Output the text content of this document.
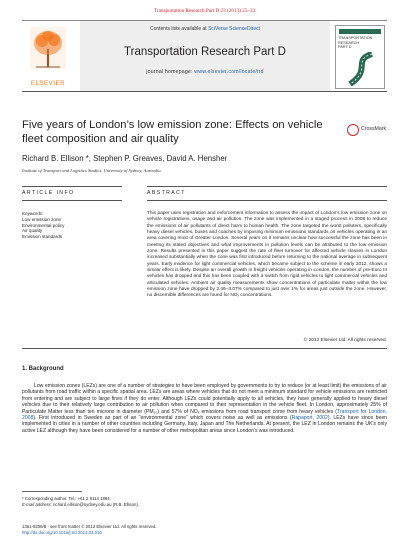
Transportation Research Part D 23 (2013) 25–33
ELSEVIER
Contents lists available at SciVerse ScienceDirect
Transportation Research Part D
journal homepage: www.elsevier.com/locate/trd
TRANSPORTATION
RESEARCH
PART D
Five years of London’s low emission zone: Effects on vehicle fleet composition and air quality
CrossMark
Richard B. Ellison *, Stephen P. Greaves, David A. Hensher
Institute of Transport and Logistics Studies, University of Sydney, Australia
ARTICLE INFO	ABSTRACT
Keywords:
Low emission zone
Environmental policy
Air quality
Emission standards
This paper uses registration and enforcement information to assess the impact of London’s low emission zone on vehicle registrations, usage and air pollution. The zone was implemented in a staged process in 2008 to reduce the emissions of air pollutants of direct harm to human health. The zone targeted the worst polluters, specifically heavy diesel vehicles, buses and coaches by imposing minimum emissions standards on vehicles operating in an area covering most of Greater London. Several years on it remains unclear how successful the zone has been in meeting its stated objectives and what improvements in pollution levels can be attributed to the low emission zone. Results presented in this paper suggest the rate of fleet turnover for affected vehicle classes in London increased substantially when the zone was first introduced before returning to the national average in subsequent years. Early evidence for light commercial vehicles, which became subject to the scheme in early 2012, shows a similar effect is likely. Despite an overall growth in freight vehicles operating in London, the number of pre-Euro III vehicles has dropped and this has been coupled with a switch from rigid vehicles to light commercial vehicles and articulated vehicles. Ambient air quality measurements show concentrations of particulate matter within the low emission zone have dropped by 2.46–3.07% compared to just over 1% for areas just outside the zone. However, no discernible differences are found for NOₓ concentrations.
© 2013 Elsevier Ltd. All rights reserved.
1. Background

Low emission zones (LEZs) are one of a number of strategies to have been employed by governments to try to reduce (or at least limit) the emissions of air pollutants from road traffic within a specific spatial area. LEZs are areas where vehicles that do not meet a minimum standard for vehicle emissions are restricted from entering and are subject to large fines if they do enter. Although LEZs could potentially apply to all vehicles, they have generally applied to heavy diesel vehicles due to their relatively large contribution to air pollution when compared to their representation in the vehicle fleet. In London, approximately 25% of Particulate Matter less than ten microns in diameter (PM₁₀) and 57% of NOₓ emissions from road transport come from heavy vehicles (Transport for London, 2008). First introduced in Sweden as part of an “environmental zone” which covers noise as well as emissions (Rapaport, 2002), LEZs have since been implemented in cities in a number of other countries including Germany, Italy, Japan and The Netherlands. At present, the LEZ in London remains the UK’s only active LEZ although they have been considered for a number of other metropolitan areas since London’s was introduced.

* Corresponding author. Tel.: +61 2 9114 1894.
E-mail address: richard.ellison@sydney.edu.au (R.B. Ellison).
1361-9209/$ - see front matter © 2013 Elsevier Ltd. All rights reserved.
http://dx.doi.org/10.1016/j.trd.2013.03.010
